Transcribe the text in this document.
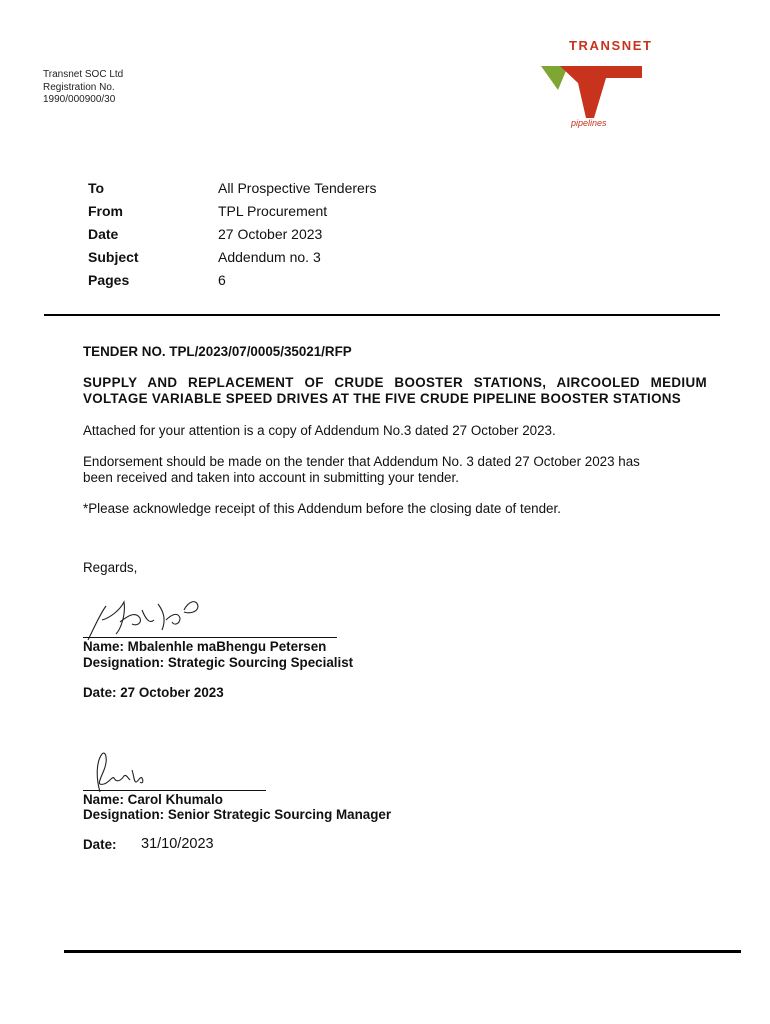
Transnet SOC Ltd
Registration No.
1990/000900/30
TRANSNET
pipelines
To	All Prospective Tenderers
From	TPL Procurement
Date	27 October 2023
Subject	Addendum no. 3
Pages	6
TENDER NO. TPL/2023/07/0005/35021/RFP
SUPPLY AND REPLACEMENT OF CRUDE BOOSTER STATIONS, AIRCOOLED MEDIUM
VOLTAGE VARIABLE SPEED DRIVES AT THE FIVE CRUDE PIPELINE BOOSTER STATIONS
Attached for your attention is a copy of Addendum No.3 dated 27 October 2023.
Endorsement should be made on the tender that Addendum No. 3 dated 27 October 2023 has
been received and taken into account in submitting your tender.
*Please acknowledge receipt of this Addendum before the closing date of tender.
Regards,
Name: Mbalenhle maBhengu Petersen
Designation: Strategic Sourcing Specialist
Date: 27 October 2023
Name: Carol Khumalo
Designation: Senior Strategic Sourcing Manager
Date:	31/10/2023
